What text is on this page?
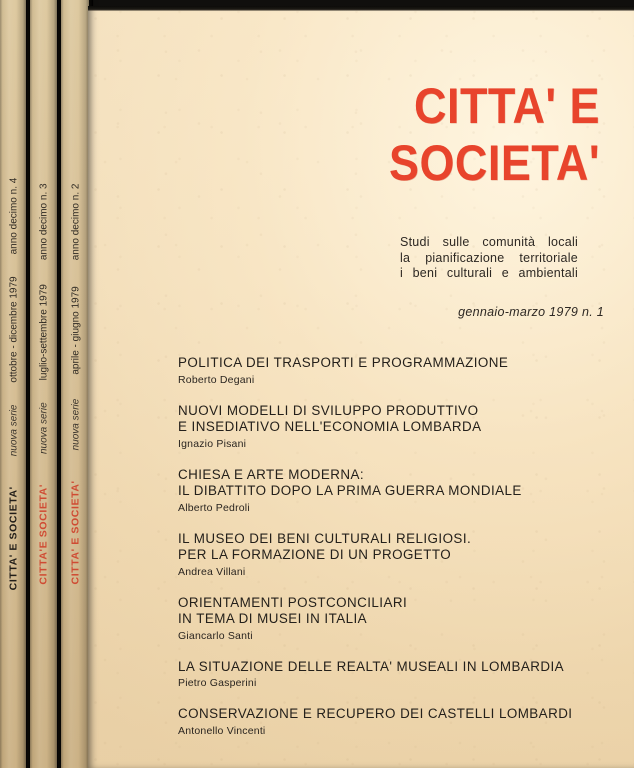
CITTA' E SOCIETA'
nuova serie
ottobre - dicembre 1979
anno decimo n. 4
CITTA'E SOCIETA'
nuova serie
luglio-settembre 1979
anno decimo n. 3
CITTA' E SOCIETA'
nuova serie
aprile - giugno 1979
anno decimo n. 2
CITTA' E
SOCIETA'
Studi sulle comunità locali
la pianificazione territoriale
i beni culturali e ambientali
gennaio-marzo 1979 n. 1
POLITICA DEI TRASPORTI E PROGRAMMAZIONE
Roberto Degani
NUOVI MODELLI DI SVILUPPO PRODUTTIVO
E INSEDIATIVO NELL'ECONOMIA LOMBARDA
Ignazio Pisani
CHIESA E ARTE MODERNA:
IL DIBATTITO DOPO LA PRIMA GUERRA MONDIALE
Alberto Pedroli
IL MUSEO DEI BENI CULTURALI RELIGIOSI.
PER LA FORMAZIONE DI UN PROGETTO
Andrea Villani
ORIENTAMENTI POSTCONCILIARI
IN TEMA DI MUSEI IN ITALIA
Giancarlo Santi
LA SITUAZIONE DELLE REALTA' MUSEALI IN LOMBARDIA
Pietro Gasperini
CONSERVAZIONE E RECUPERO DEI CASTELLI LOMBARDI
Antonello Vincenti
